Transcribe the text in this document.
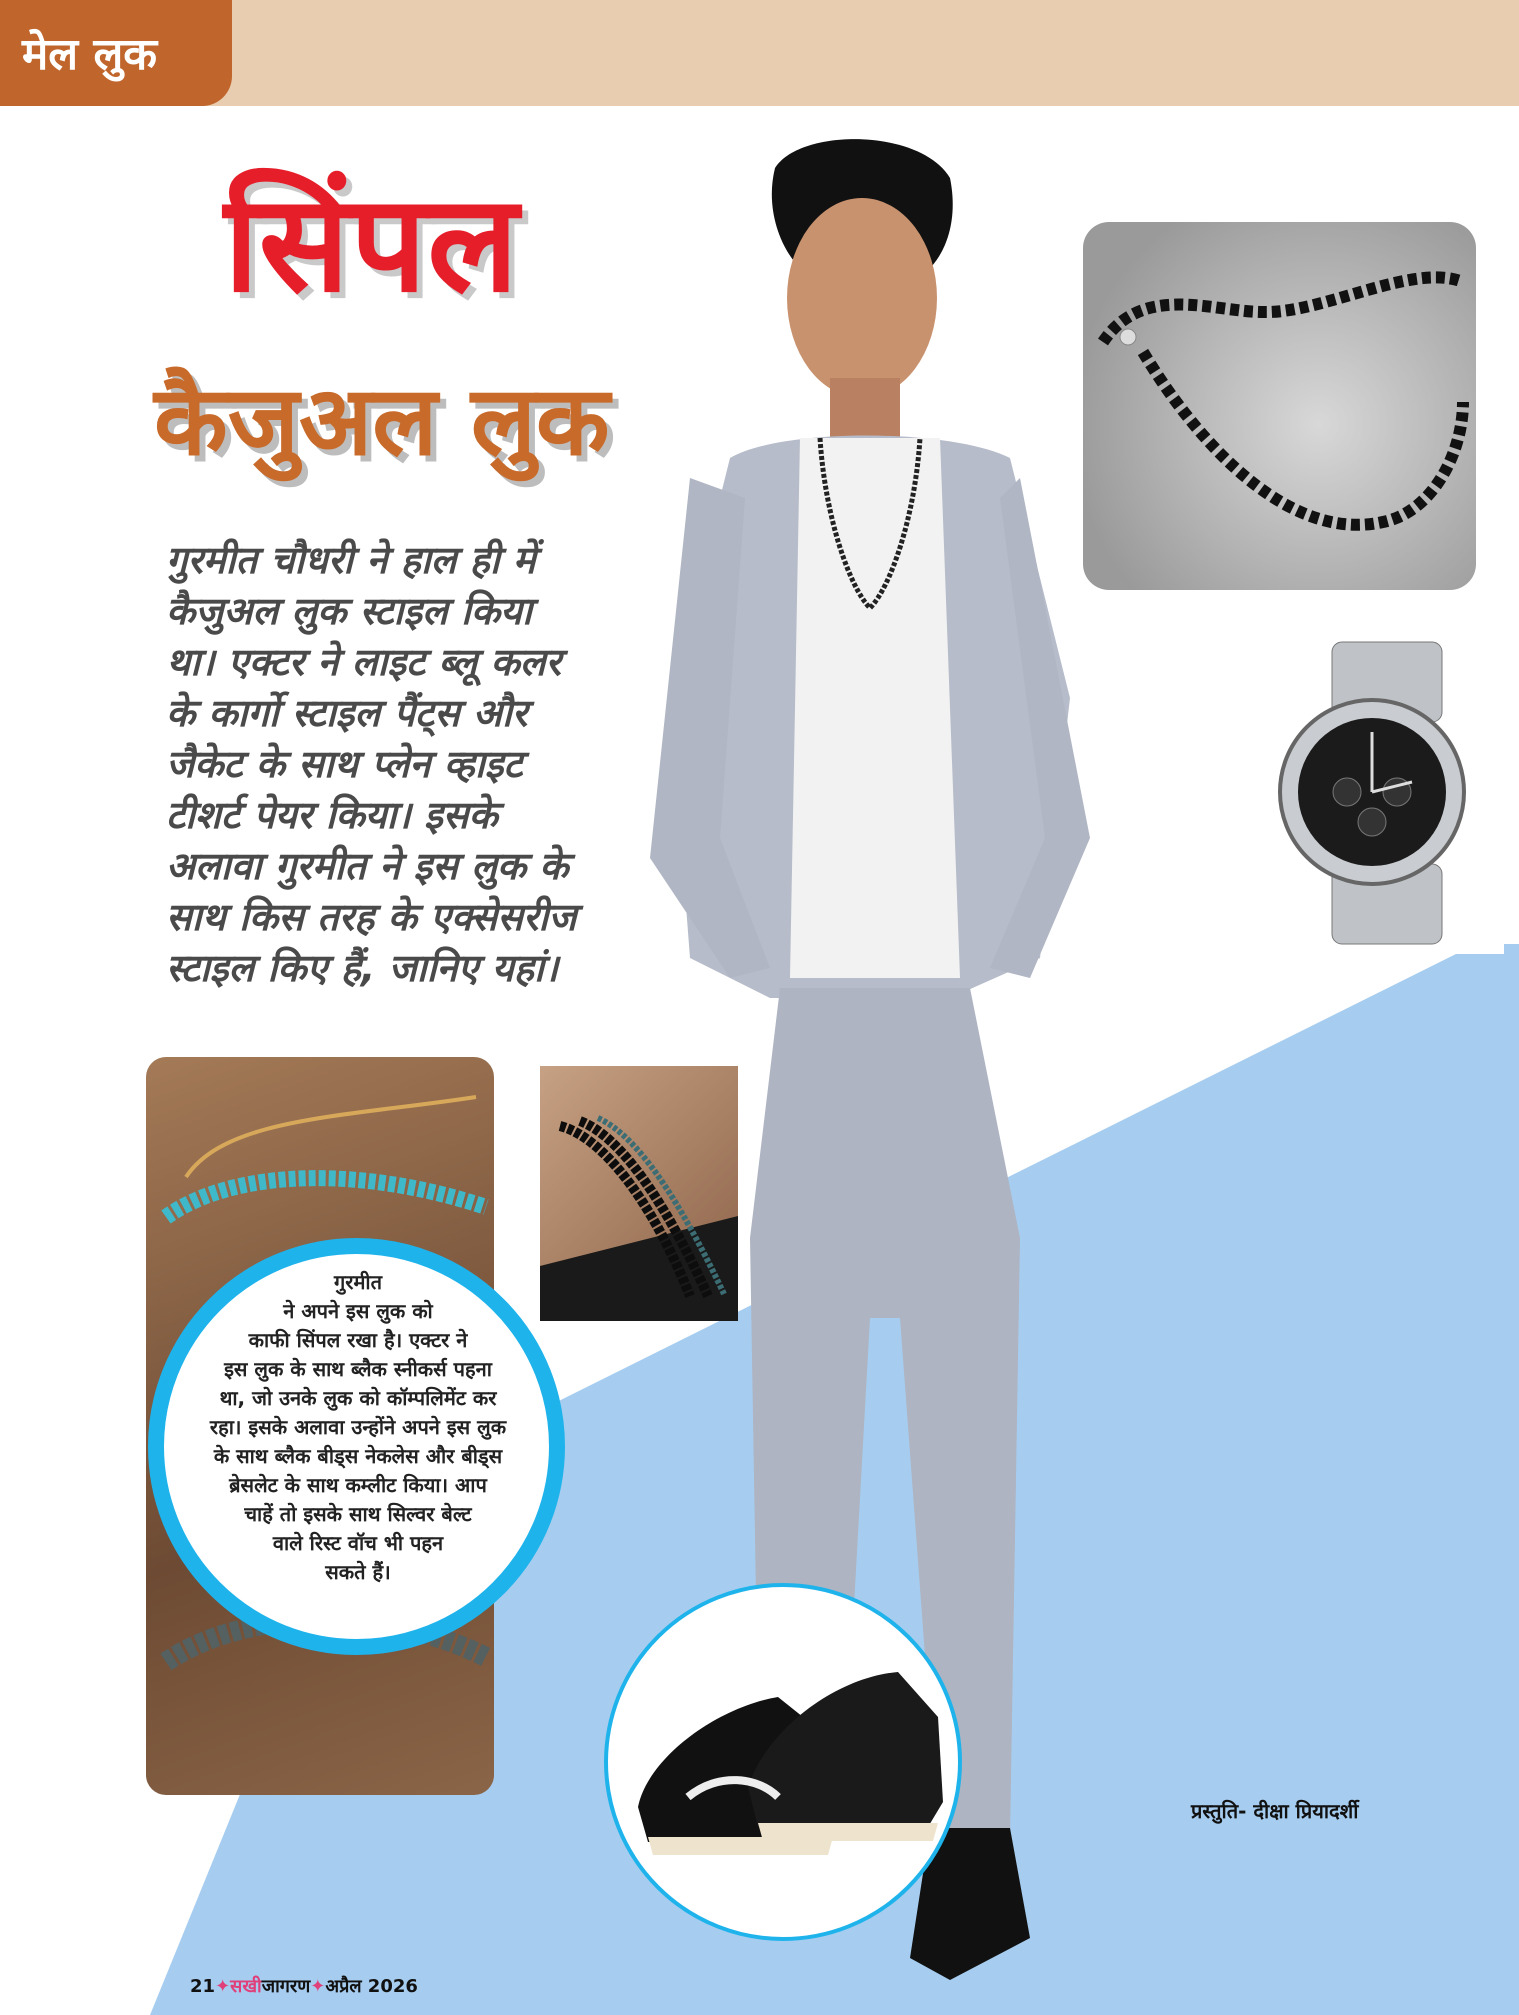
मेल लुक
सिंपल
कैजुअल लुक
गुरमीत चौधरी ने हाल ही में
कैजुअल लुक स्टाइल किया
था। एक्टर ने लाइट ब्लू कलर
के कार्गो स्टाइल पैंट्स और
जैकेट के साथ प्लेन व्हाइट
टीशर्ट पेयर किया। इसके
अलावा गुरमीत ने इस लुक के
साथ किस तरह के एक्सेसरीज
स्टाइल किए हैं, जानिए यहां।
गुरमीत
ने अपने इस लुक को
काफी सिंपल रखा है। एक्टर ने
इस लुक के साथ ब्लैक स्नीकर्स पहना
था, जो उनके लुक को कॉम्पलिमेंट कर
रहा। इसके अलावा उन्होंने अपने इस लुक
के साथ ब्लैक बीड्स नेकलेस और बीड्स
ब्रेसलेट के साथ कम्लीट किया। आप
चाहें तो इसके साथ सिल्वर बेल्ट
वाले रिस्ट वॉच भी पहन
सकते हैं।
प्रस्तुति- दीक्षा प्रियादर्शी
21✦सखीजागरण✦अप्रैल 2026
